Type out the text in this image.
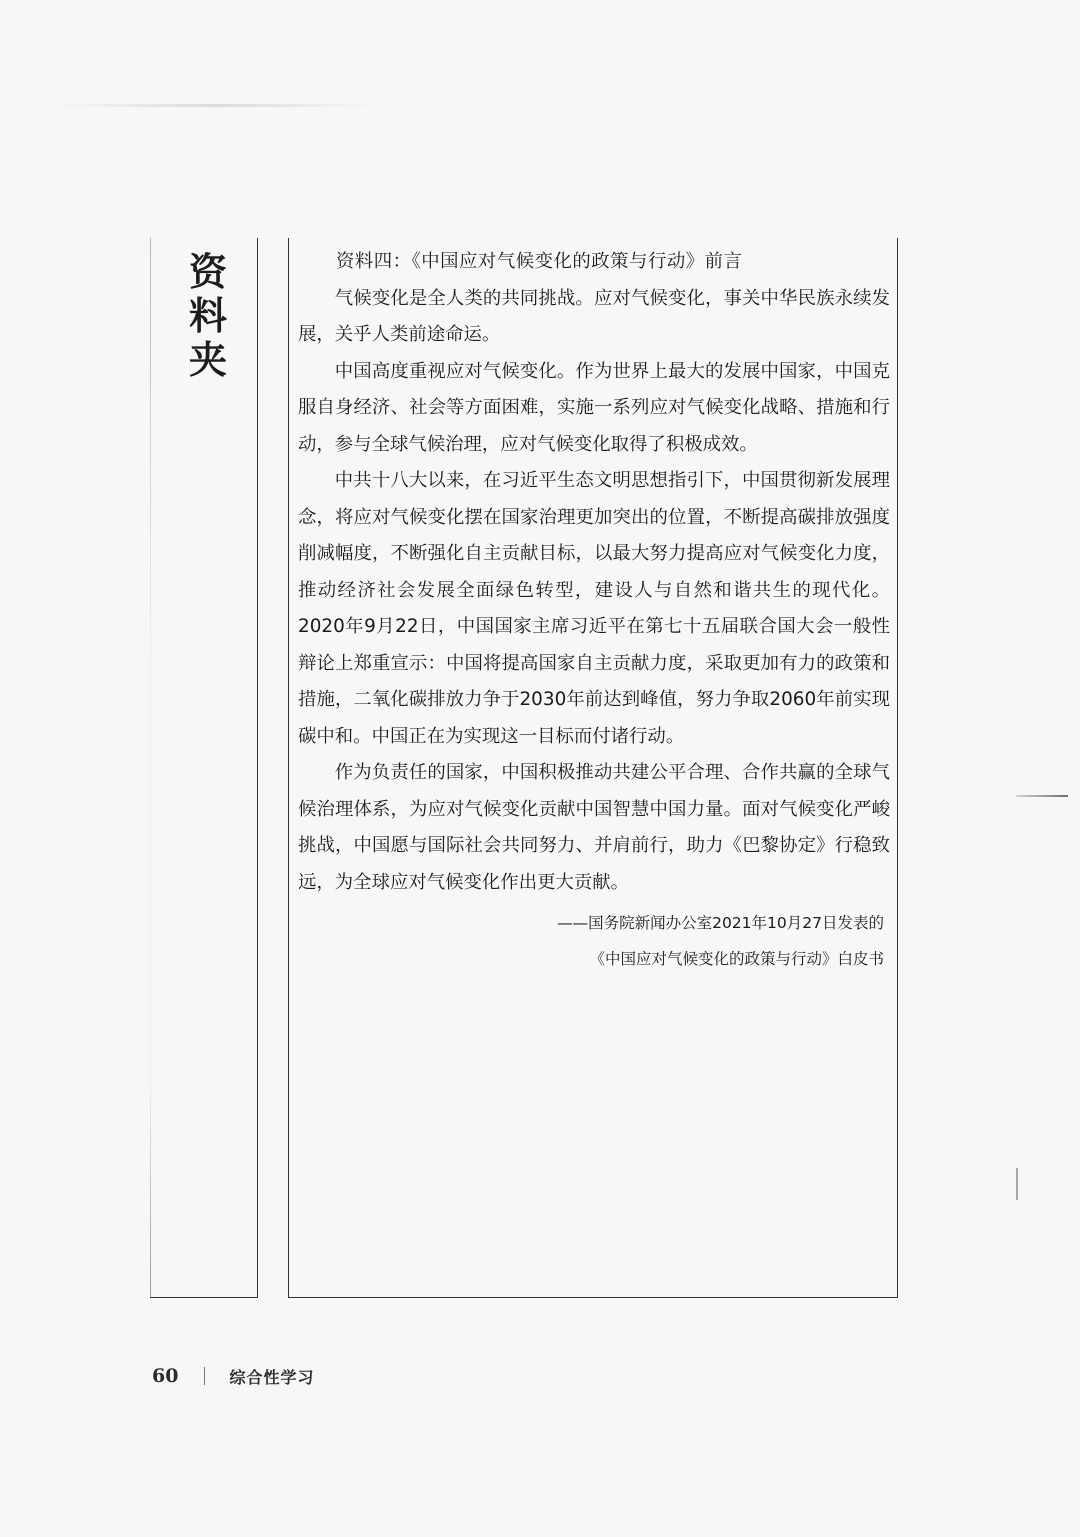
资
料
夹
资料四：《中国应对气候变化的政策与行动》前言

气候变化是全人类的共同挑战。应对气候变化，事关中华民族永续发展，关乎人类前途命运。

中国高度重视应对气候变化。作为世界上最大的发展中国家，中国克服自身经济、社会等方面困难，实施一系列应对气候变化战略、措施和行动，参与全球气候治理，应对气候变化取得了积极成效。

中共十八大以来，在习近平生态文明思想指引下，中国贯彻新发展理念，将应对气候变化摆在国家治理更加突出的位置，不断提高碳排放强度削减幅度，不断强化自主贡献目标，以最大努力提高应对气候变化力度，推动经济社会发展全面绿色转型，建设人与自然和谐共生的现代化。2020年9月22日，中国国家主席习近平在第七十五届联合国大会一般性辩论上郑重宣示：中国将提高国家自主贡献力度，采取更加有力的政策和措施，二氧化碳排放力争于2030年前达到峰值，努力争取2060年前实现碳中和。中国正在为实现这一目标而付诸行动。

作为负责任的国家，中国积极推动共建公平合理、合作共赢的全球气候治理体系，为应对气候变化贡献中国智慧中国力量。面对气候变化严峻挑战，中国愿与国际社会共同努力、并肩前行，助力《巴黎协定》行稳致远，为全球应对气候变化作出更大贡献。

——国务院新闻办公室2021年10月27日发表的
《中国应对气候变化的政策与行动》白皮书
60	综合性学习
